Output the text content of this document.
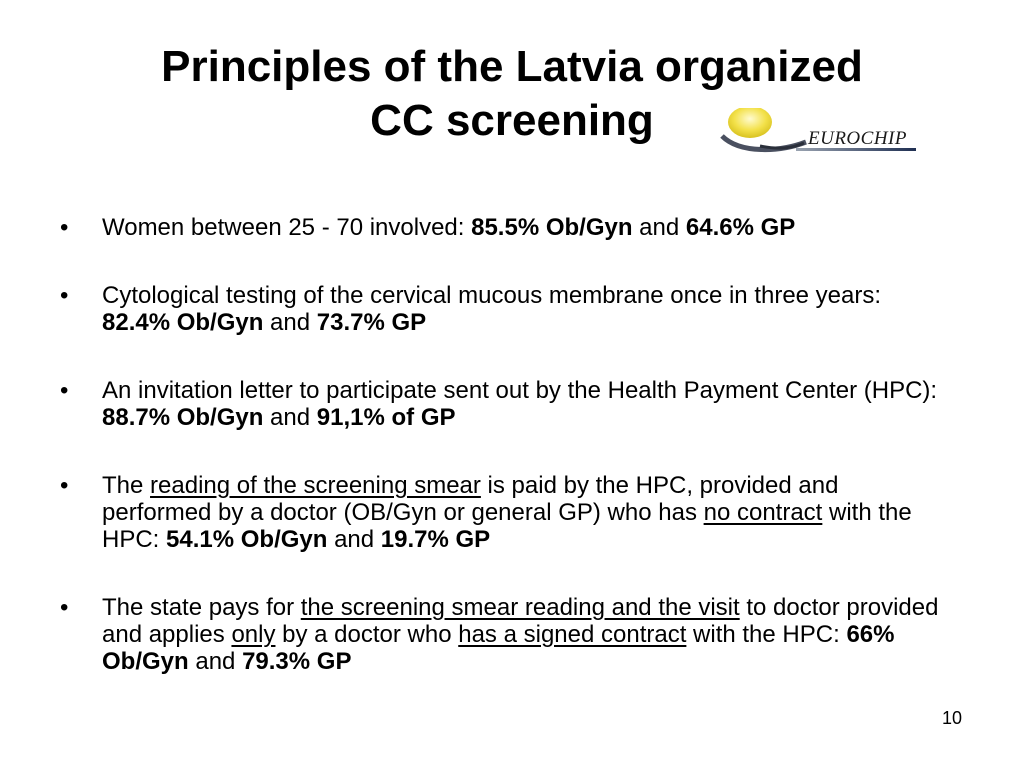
Principles of the Latvia organized
CC screening	EUROCHIP
• Women between 25 - 70 involved: 85.5% Ob/Gyn and 64.6% GP
• Cytological testing of the cervical mucous membrane once in three years:   82.4% Ob/Gyn and 73.7% GP
• An invitation letter to participate sent out by the Health Payment Center (HPC): 88.7% Ob/Gyn and 91,1% of GP
• The reading of the screening smear is paid by the HPC, provided and  performed by a doctor (OB/Gyn or general GP) who has no contract with the HPC: 54.1% Ob/Gyn and 19.7% GP
• The state pays for the screening smear reading and the visit to doctor provided and applies only by a doctor who has a signed contract with the HPC: 66% Ob/Gyn and 79.3% GP
10
